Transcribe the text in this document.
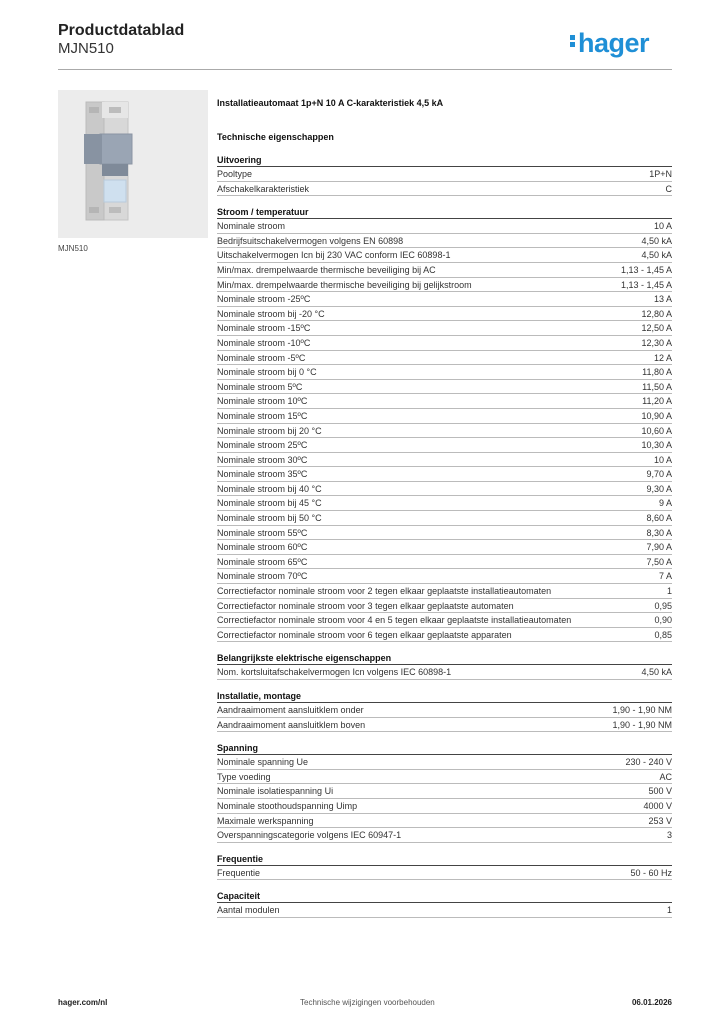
Productdatablad
MJN510	hager
MJN510
Installatieautomaat 1p+N 10 A C-karakteristiek 4,5 kA
Technische eigenschappen
Uitvoering
Pooltype	1P+N
Afschakelkarakteristiek	C
Stroom / temperatuur
Nominale stroom	10 A
Bedrijfsuitschakelvermogen volgens EN 60898	4,50 kA
Uitschakelvermogen Icn bij 230 VAC conform IEC 60898-1	4,50 kA
Min/max. drempelwaarde thermische beveiliging bij AC	1,13 - 1,45 A
Min/max. drempelwaarde thermische beveiliging bij gelijkstroom	1,13 - 1,45 A
Nominale stroom -25ºC	13 A
Nominale stroom bij -20 °C	12,80 A
Nominale stroom -15ºC	12,50 A
Nominale stroom -10ºC	12,30 A
Nominale stroom -5ºC	12 A
Nominale stroom bij 0 °C	11,80 A
Nominale stroom 5ºC	11,50 A
Nominale stroom 10ºC	11,20 A
Nominale stroom 15ºC	10,90 A
Nominale stroom bij 20 °C	10,60 A
Nominale stroom 25ºC	10,30 A
Nominale stroom 30ºC	10 A
Nominale stroom 35ºC	9,70 A
Nominale stroom bij 40 °C	9,30 A
Nominale stroom bij 45 °C	9 A
Nominale stroom bij 50 °C	8,60 A
Nominale stroom 55ºC	8,30 A
Nominale stroom 60ºC	7,90 A
Nominale stroom 65ºC	7,50 A
Nominale stroom 70ºC	7 A
Correctiefactor nominale stroom voor 2 tegen elkaar geplaatste installatieautomaten	1
Correctiefactor nominale stroom voor 3 tegen elkaar geplaatste automaten	0,95
Correctiefactor nominale stroom voor 4 en 5 tegen elkaar geplaatste installatieautomaten	0,90
Correctiefactor nominale stroom voor 6 tegen elkaar geplaatste apparaten	0,85
Belangrijkste elektrische eigenschappen
Nom. kortsluitafschakelvermogen Icn volgens IEC 60898-1	4,50 kA
Installatie, montage
Aandraaimoment aansluitklem onder	1,90 - 1,90 NM
Aandraaimoment aansluitklem boven	1,90 - 1,90 NM
Spanning
Nominale spanning Ue	230 - 240 V
Type voeding	AC
Nominale isolatiespanning Ui	500 V
Nominale stoothoudspanning Uimp	4000 V
Maximale werkspanning	253 V
Overspanningscategorie volgens IEC 60947-1	3
Frequentie
Frequentie	50 - 60 Hz
Capaciteit
Aantal modulen	1
hager.com/nl	Technische wijzigingen voorbehouden	06.01.2026
